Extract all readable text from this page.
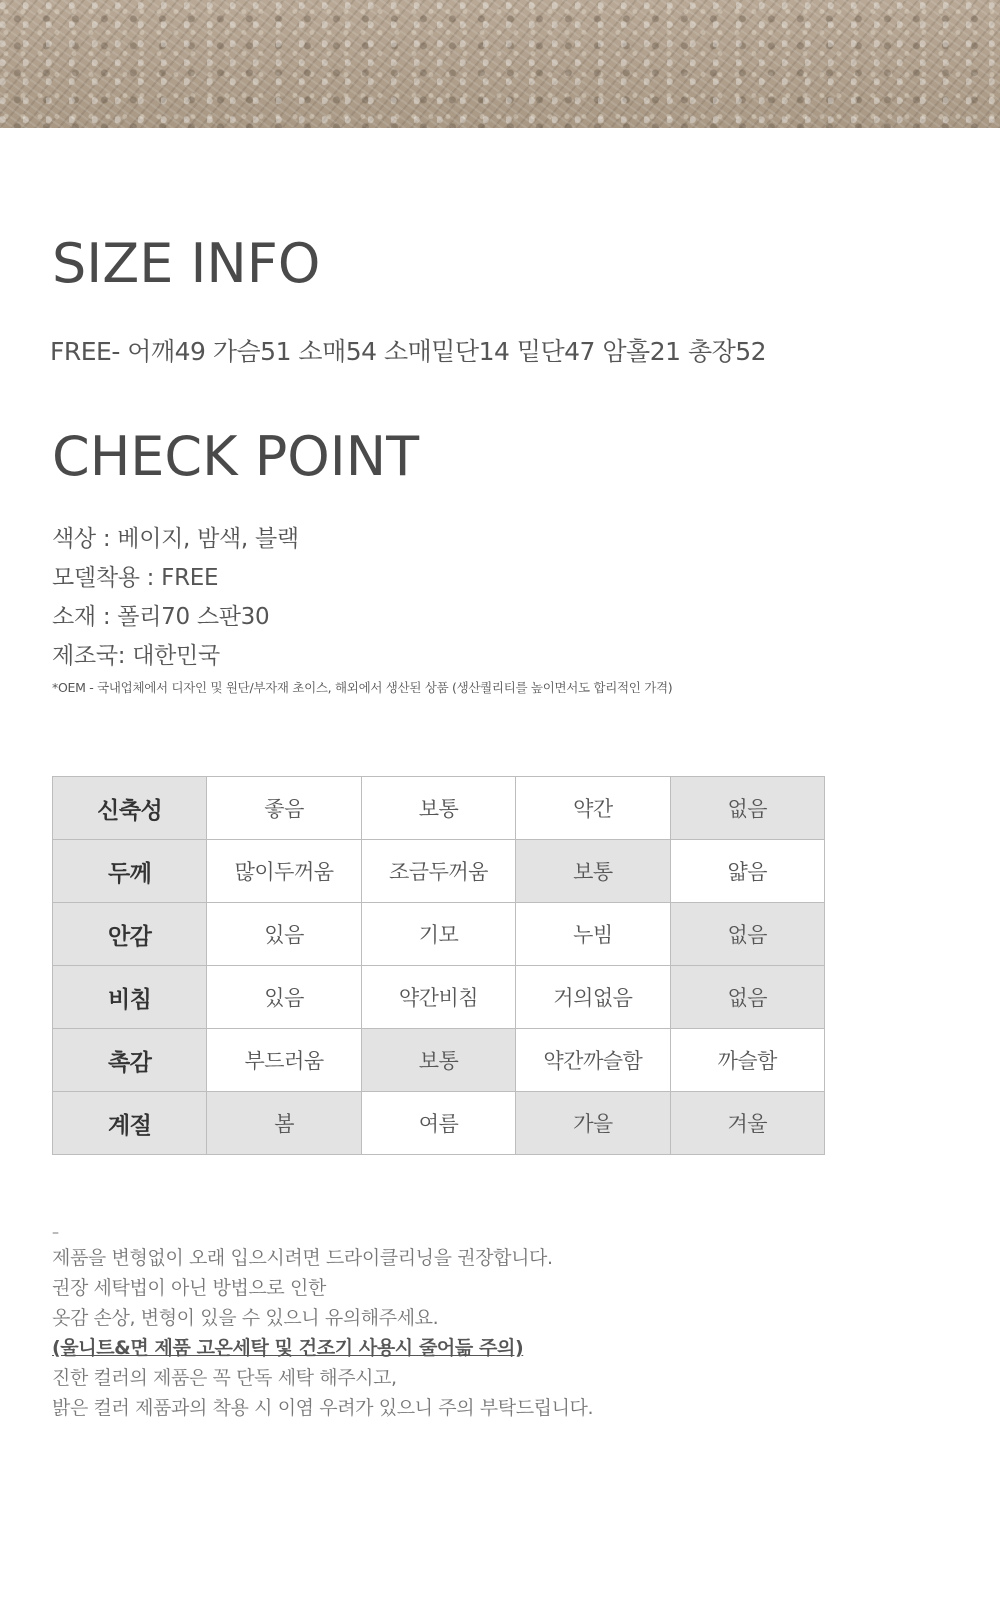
SIZE INFO
FREE- 어깨49 가슴51 소매54 소매밑단14 밑단47 암홀21 총장52
CHECK POINT
색상 : 베이지, 밤색, 블랙
모델착용 : FREE
소재 : 폴리70 스판30
제조국: 대한민국
*OEM - 국내업체에서 디자인 및 원단/부자재 초이스, 해외에서 생산된 상품 (생산퀄리티를 높이면서도 합리적인 가격)
신축성	좋음	보통	약간	없음
두께	많이두꺼움	조금두꺼움	보통	얇음
안감	있음	기모	누빔	없음
비침	있음	약간비침	거의없음	없음
촉감	부드러움	보통	약간까슬함	까슬함
계절	봄	여름	가을	겨울
–
제품을 변형없이 오래 입으시려면 드라이클리닝을 권장합니다.
권장 세탁법이 아닌 방법으로 인한
옷감 손상, 변형이 있을 수 있으니 유의해주세요.
(울니트&면 제품 고온세탁 및 건조기 사용시 줄어듦 주의)
진한 컬러의 제품은 꼭 단독 세탁 해주시고,
밝은 컬러 제품과의 착용 시 이염 우려가 있으니 주의 부탁드립니다.
